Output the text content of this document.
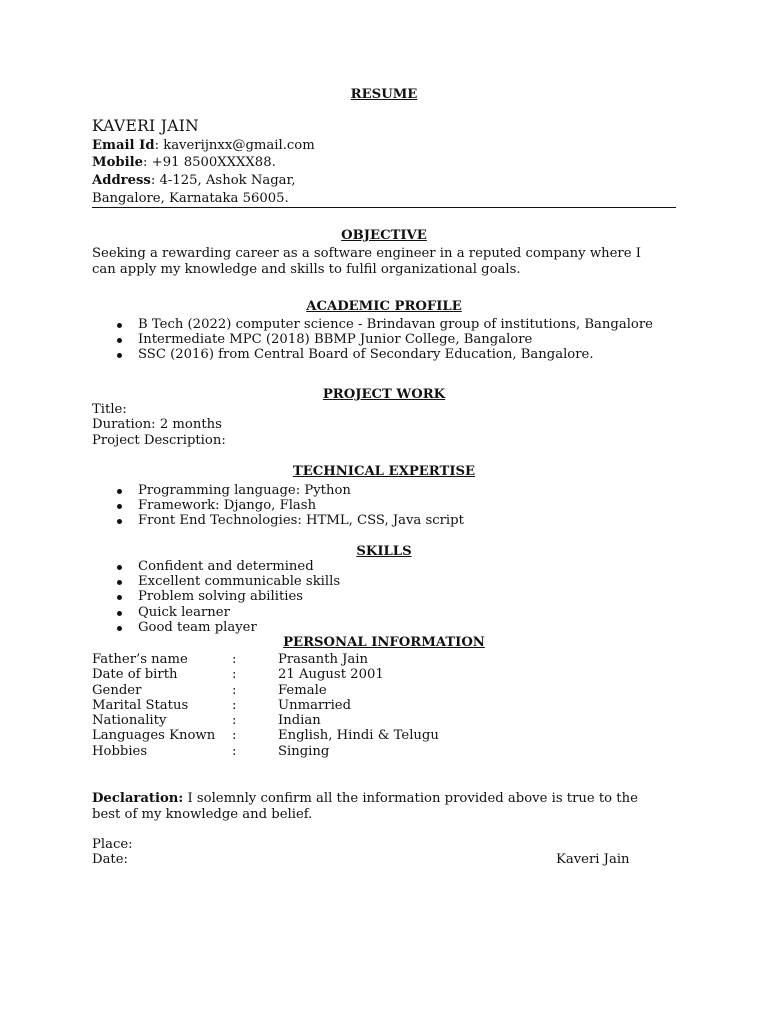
RESUME
KAVERI JAIN
Email Id: kaverijnxx@gmail.com
Mobile: +91 8500XXXX88.
Address: 4-125, Ashok Nagar,
Bangalore, Karnataka 56005.
OBJECTIVE
Seeking a rewarding career as a software engineer in a reputed company where I can apply my knowledge and skills to fulfil organizational goals.
ACADEMIC PROFILE
B Tech (2022) computer science - Brindavan group of institutions, Bangalore
Intermediate MPC (2018) BBMP Junior College, Bangalore
SSC (2016) from Central Board of Secondary Education, Bangalore.
PROJECT WORK
Title:
Duration: 2 months
Project Description:
TECHNICAL EXPERTISE
Programming language: Python
Framework: Django, Flash
Front End Technologies: HTML, CSS, Java script
SKILLS
Confident and determined
Excellent communicable skills
Problem solving abilities
Quick learner
Good team player
PERSONAL INFORMATION
Father’s name	:	Prasanth Jain
Date of birth	:	21 August 2001
Gender	:	Female
Marital Status	:	Unmarried
Nationality	:	Indian
Languages Known :	English, Hindi & Telugu
Hobbies	:	Singing
Declaration: I solemnly confirm all the information provided above is true to the best of my knowledge and belief.
Place:
Date:	Kaveri Jain
